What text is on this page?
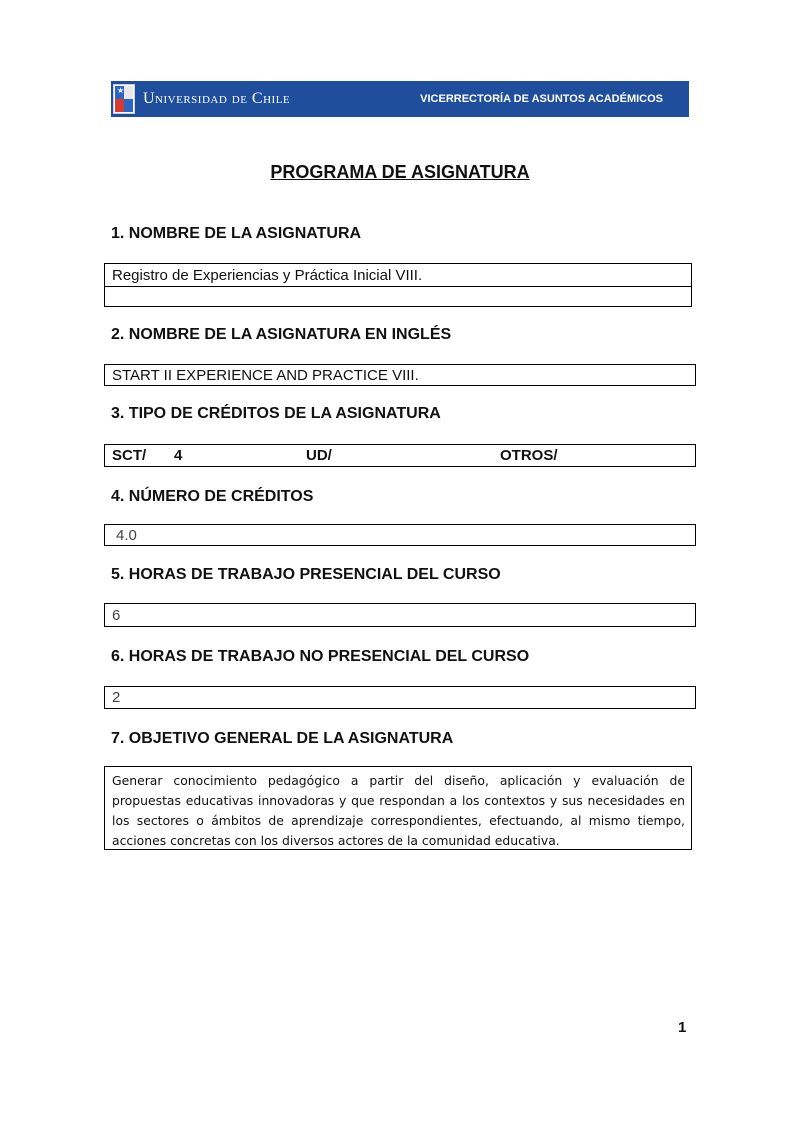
★ Universidad de Chile	VICERRECTORÍA DE ASUNTOS ACADÉMICOS
PROGRAMA DE ASIGNATURA
1. NOMBRE DE LA ASIGNATURA
Registro de Experiencias y Práctica Inicial VIII.
2. NOMBRE DE LA ASIGNATURA EN INGLÉS
START II EXPERIENCE AND PRACTICE VIII.
3. TIPO DE CRÉDITOS DE LA ASIGNATURA
SCT/ 4	UD/	OTROS/
4. NÚMERO DE CRÉDITOS
4.0
5. HORAS DE TRABAJO PRESENCIAL DEL CURSO
6
6. HORAS DE TRABAJO NO PRESENCIAL DEL CURSO
2
7. OBJETIVO GENERAL DE LA ASIGNATURA
Generar conocimiento pedagógico a partir del diseño, aplicación y evaluación de propuestas educativas innovadoras y que respondan a los contextos y sus necesidades en los sectores o ámbitos de aprendizaje correspondientes, efectuando, al mismo tiempo, acciones concretas con los diversos actores de la comunidad educativa.
1
